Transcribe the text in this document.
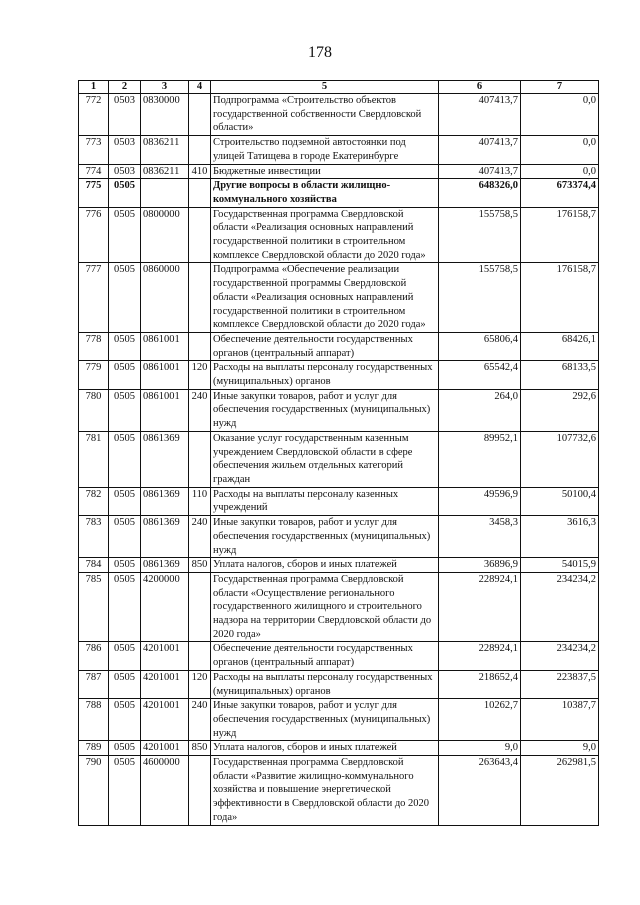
178
1	2	3	4	5	6	7
772	0503	0830000		Подпрограмма «Строительство объектов государственной собственности Свердловской области»	407413,7	0,0
773	0503	0836211		Строительство подземной автостоянки под улицей Татищева в городе Екатеринбурге	407413,7	0,0
774	0503	0836211	410	Бюджетные инвестиции	407413,7	0,0
775	0505			Другие вопросы в области жилищно-коммунального хозяйства	648326,0	673374,4
776	0505	0800000		Государственная программа Свердловской области «Реализация основных направлений государственной политики в строительном комплексе Свердловской области до 2020 года»	155758,5	176158,7
777	0505	0860000		Подпрограмма «Обеспечение реализации государственной программы Свердловской области «Реализация основных направлений государственной политики в строительном комплексе Свердловской области до 2020 года»	155758,5	176158,7
778	0505	0861001		Обеспечение деятельности государственных органов (центральный аппарат)	65806,4	68426,1
779	0505	0861001	120	Расходы на выплаты персоналу государственных (муниципальных) органов	65542,4	68133,5
780	0505	0861001	240	Иные закупки товаров, работ и услуг для обеспечения государственных (муниципальных) нужд	264,0	292,6
781	0505	0861369		Оказание услуг государственным казенным учреждением Свердловской области в сфере обеспечения жильем отдельных категорий граждан	89952,1	107732,6
782	0505	0861369	110	Расходы на выплаты персоналу казенных учреждений	49596,9	50100,4
783	0505	0861369	240	Иные закупки товаров, работ и услуг для обеспечения государственных (муниципальных) нужд	3458,3	3616,3
784	0505	0861369	850	Уплата налогов, сборов и иных платежей	36896,9	54015,9
785	0505	4200000		Государственная программа Свердловской области «Осуществление регионального государственного жилищного и строительного надзора на территории Свердловской области до 2020 года»	228924,1	234234,2
786	0505	4201001		Обеспечение деятельности государственных органов (центральный аппарат)	228924,1	234234,2
787	0505	4201001	120	Расходы на выплаты персоналу государственных (муниципальных) органов	218652,4	223837,5
788	0505	4201001	240	Иные закупки товаров, работ и услуг для обеспечения государственных (муниципальных) нужд	10262,7	10387,7
789	0505	4201001	850	Уплата налогов, сборов и иных платежей	9,0	9,0
790	0505	4600000		Государственная программа Свердловской области «Развитие жилищно-коммунального хозяйства и повышение энергетической эффективности в Свердловской области до 2020 года»	263643,4	262981,5
